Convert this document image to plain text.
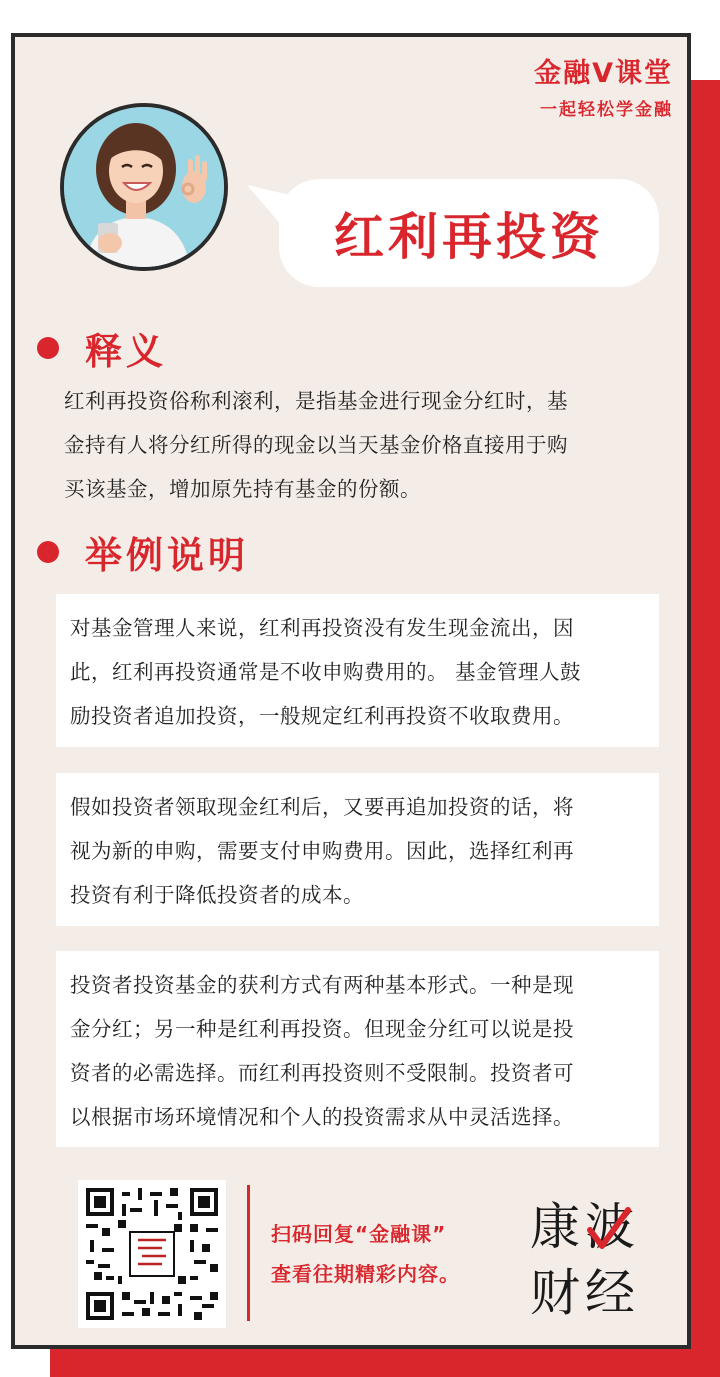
金融V课堂
一起轻松学金融
红利再投资
释义

红利再投资俗称利滚利，是指基金进行现金分红时，基
金持有人将分红所得的现金以当天基金价格直接用于购
买该基金，增加原先持有基金的份额。

举例说明

对基金管理人来说，红利再投资没有发生现金流出，因
此，红利再投资通常是不收申购费用的。 基金管理人鼓
励投资者追加投资，一般规定红利再投资不收取费用。

假如投资者领取现金红利后，又要再追加投资的话，将
视为新的申购，需要支付申购费用。因此，选择红利再
投资有利于降低投资者的成本。

投资者投资基金的获利方式有两种基本形式。一种是现
金分红；另一种是红利再投资。但现金分红可以说是投
资者的必需选择。而红利再投资则不受限制。投资者可
以根据市场环境情况和个人的投资需求从中灵活选择。

扫码回复“金融课”
查看往期精彩内容。
康 波
财 经
